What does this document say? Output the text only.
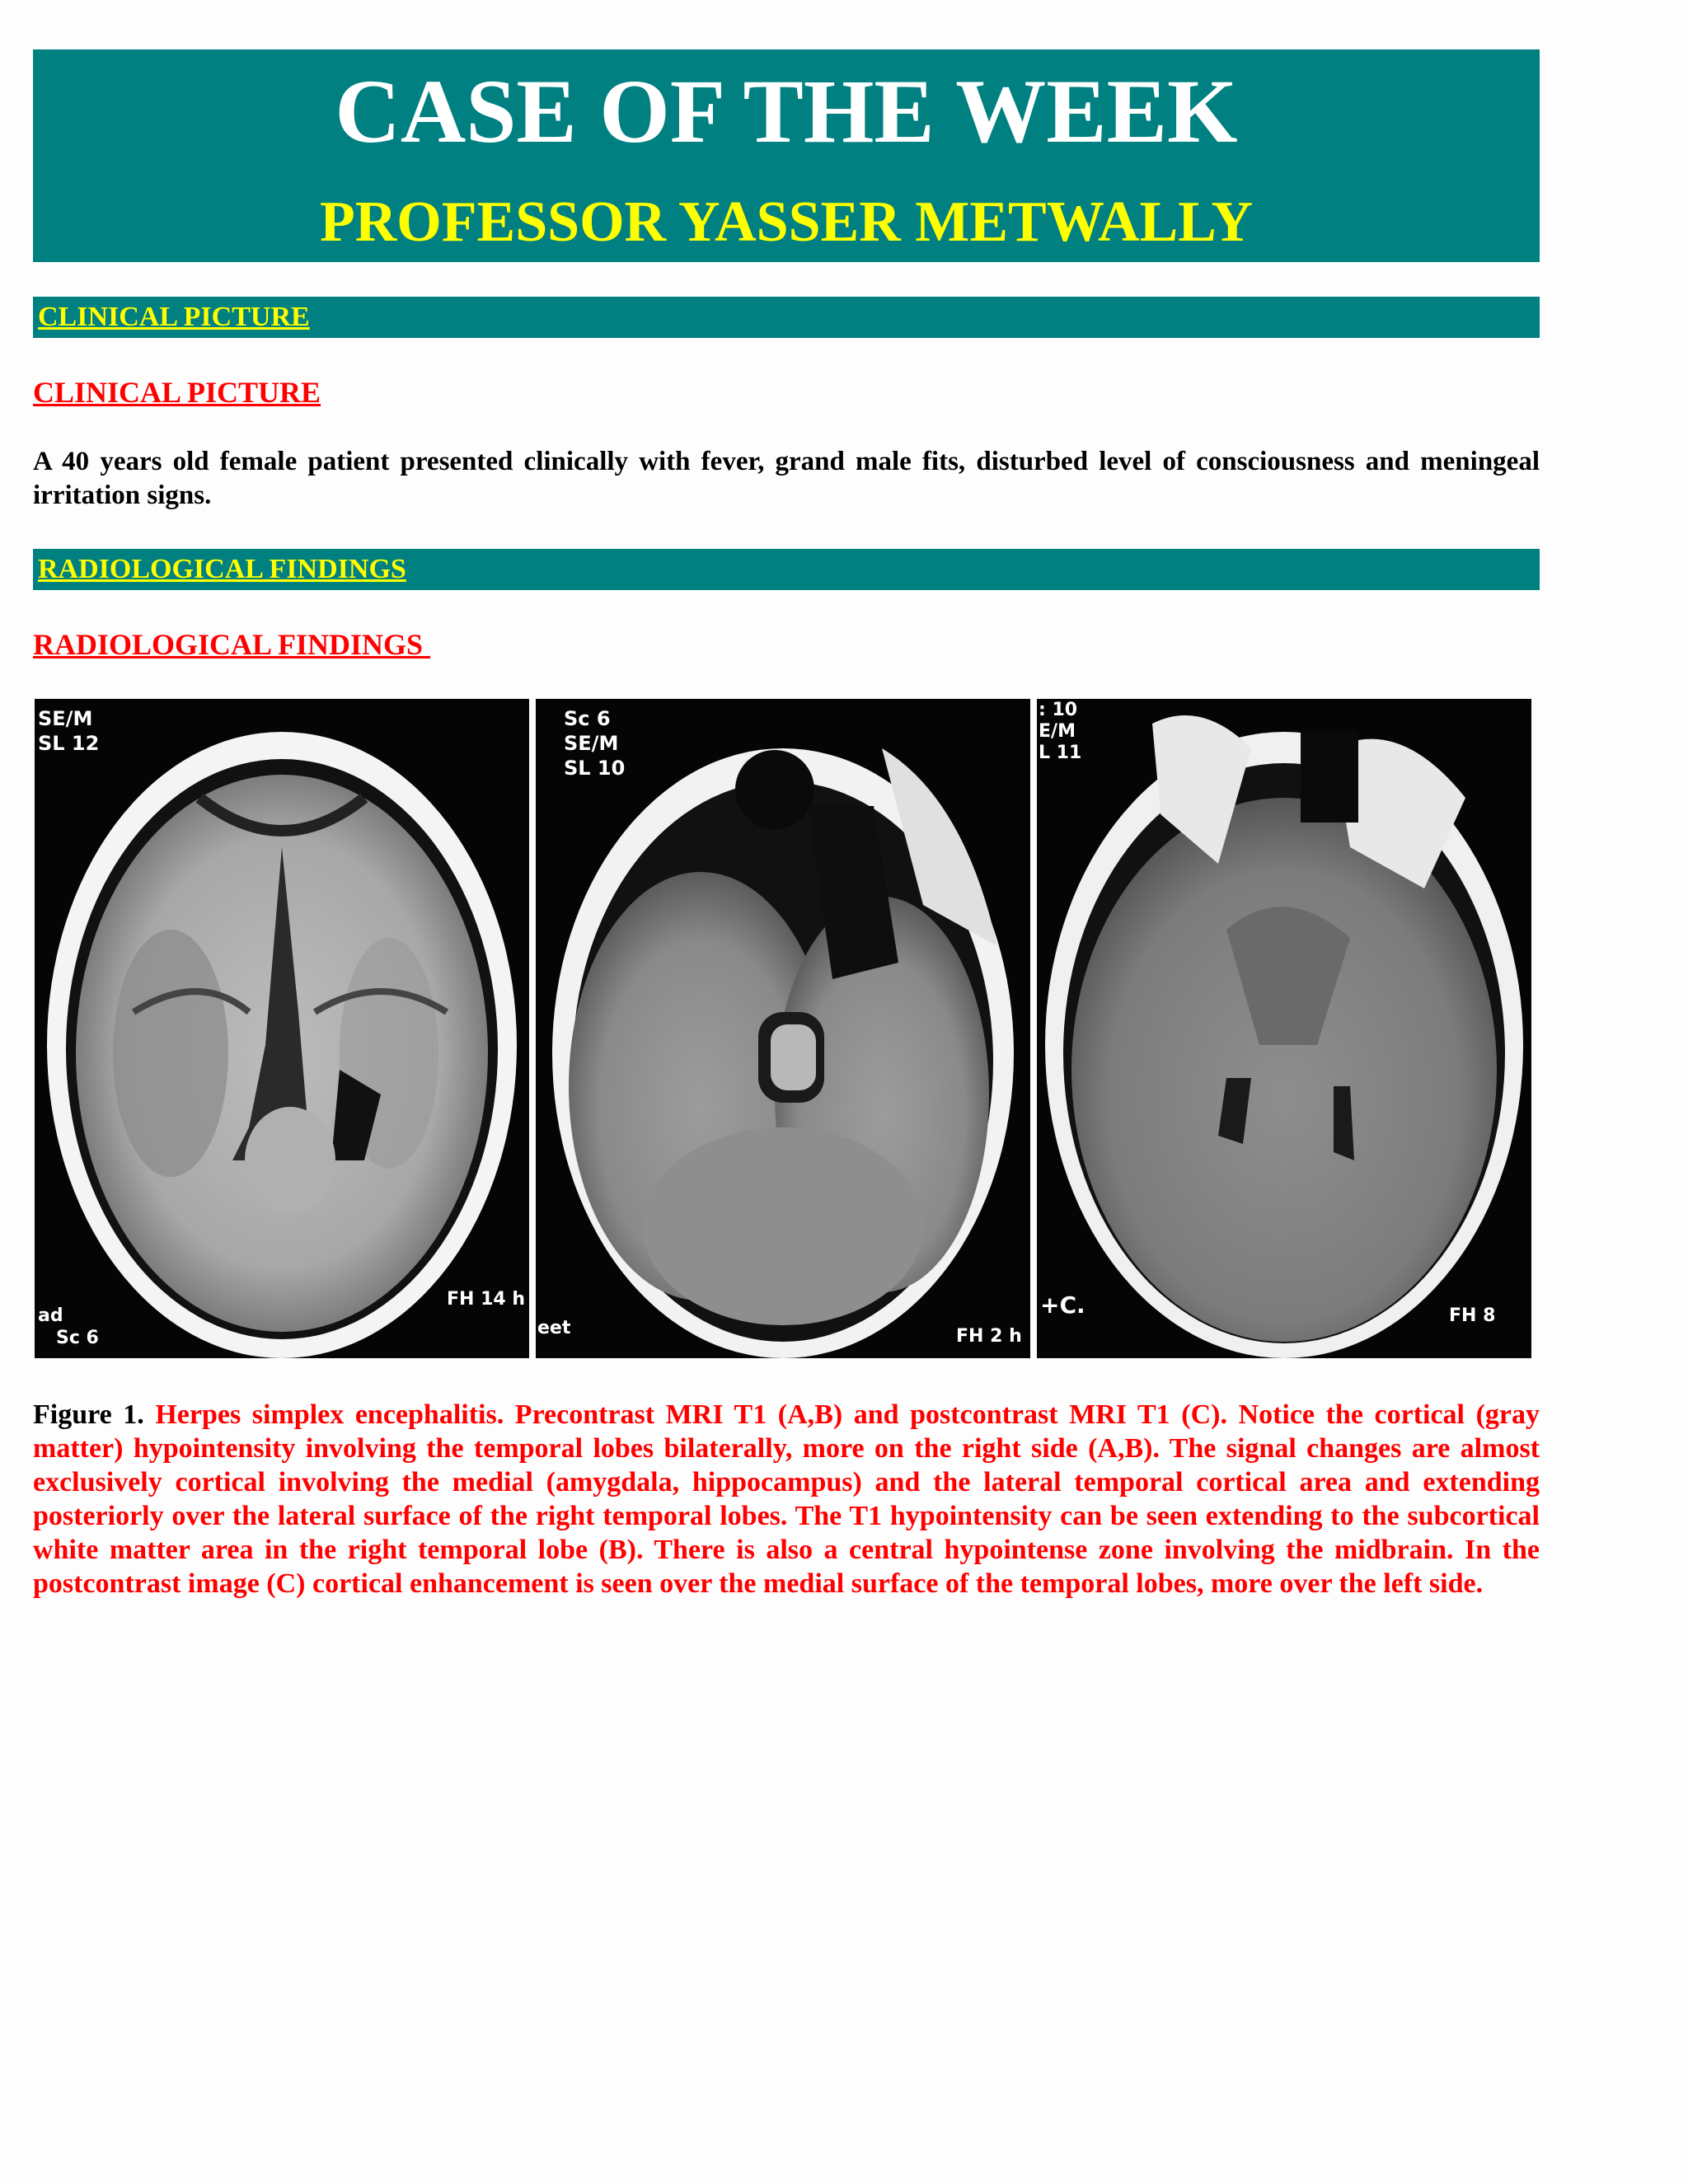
CASE OF THE WEEK
PROFESSOR YASSER METWALLY
CLINICAL PICTURE
CLINICAL PICTURE
A 40 years old female patient presented clinically with fever, grand male fits, disturbed level of consciousness and meningeal irritation signs.
RADIOLOGICAL FINDINGS
RADIOLOGICAL FINDINGS
SE/M
SL 12
FH 14 h
ad
Sc 6
Sc 6
SE/M
SL 10
FH 2 h
eet
: 10
E/M
L 11
FH 8
+C.
Figure 1. Herpes simplex encephalitis. Precontrast MRI T1 (A,B) and postcontrast MRI T1 (C). Notice the cortical (gray matter) hypointensity involving the temporal lobes bilaterally, more on the right side (A,B). The signal changes are almost exclusively cortical involving the medial (amygdala, hippocampus) and the lateral temporal cortical area and extending posteriorly over the lateral surface of the right temporal lobes. The T1 hypointensity can be seen extending to the subcortical white matter area in the right temporal lobe (B). There is also a central hypointense zone involving the midbrain. In the postcontrast image (C) cortical enhancement is seen over the medial surface of the temporal lobes, more over the left side.
